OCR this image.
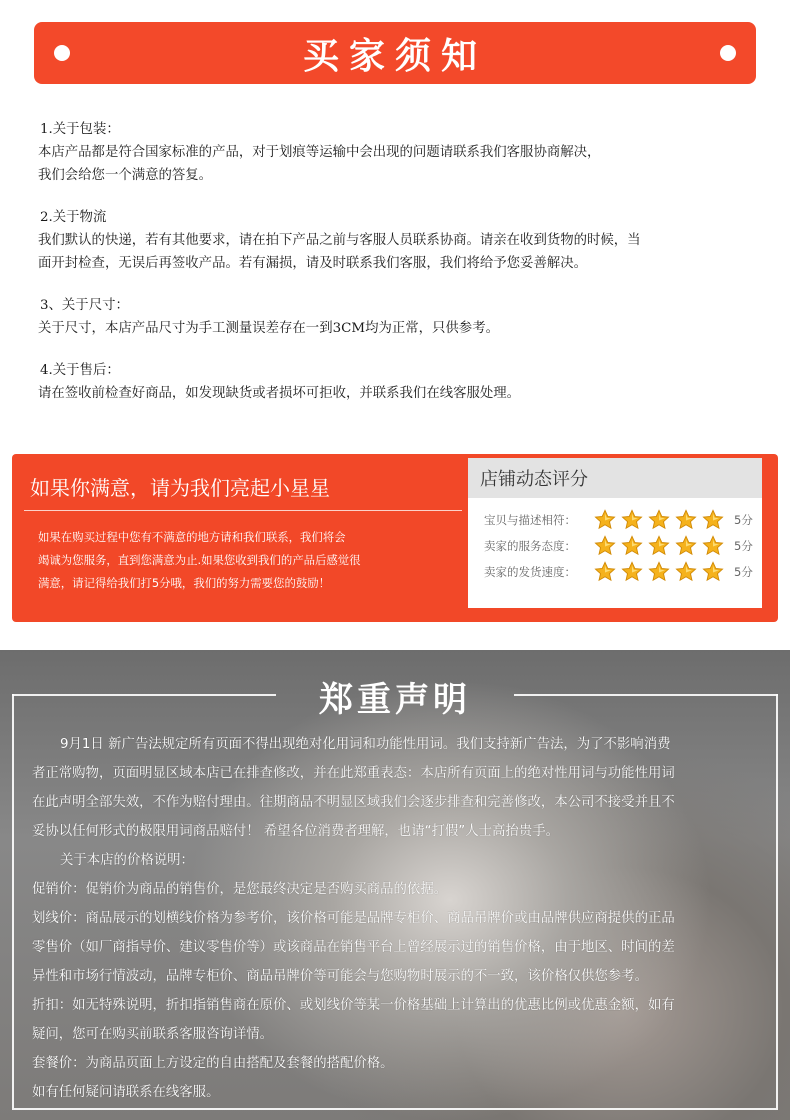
买家须知

1.关于包装：

本店产品都是符合国家标准的产品，对于划痕等运输中会出现的问题请联系我们客服协商解决，

我们会给您一个满意的答复。

2.关于物流

我们默认的快递，若有其他要求，请在拍下产品之前与客服人员联系协商。请亲在收到货物的时候，当

面开封检查，无误后再签收产品。若有漏损，请及时联系我们客服，我们将给予您妥善解决。

3、关于尺寸：

关于尺寸，本店产品尺寸为手工测量误差存在一到3CM均为正常，只供参考。

4.关于售后：

请在签收前检查好商品，如发现缺货或者损坏可拒收，并联系我们在线客服处理。

如果你满意，请为我们亮起小星星

如果在购买过程中您有不满意的地方请和我们联系，我们将会

竭诚为您服务，直到您满意为止.如果您收到我们的产品后感觉很

满意，请记得给我们打5分哦，我们的努力需要您的鼓励！

店铺动态评分
宝贝与描述相符：	5分
卖家的服务态度：	5分
卖家的发货速度：	5分
郑重声明

9月1日 新广告法规定所有页面不得出现绝对化用词和功能性用词。我们支持新广告法，为了不影响消费

者正常购物，页面明显区域本店已在排查修改，并在此郑重表态：本店所有页面上的绝对性用词与功能性用词

在此声明全部失效，不作为赔付理由。往期商品不明显区域我们会逐步排查和完善修改，本公司不接受并且不

妥协以任何形式的极限用词商品赔付！ 希望各位消费者理解，也请“打假”人士高抬贵手。

关于本店的价格说明：

促销价：促销价为商品的销售价，是您最终决定是否购买商品的依据。

划线价：商品展示的划横线价格为参考价，该价格可能是品牌专柜价、商品吊牌价或由品牌供应商提供的正品

零售价（如厂商指导价、建议零售价等）或该商品在销售平台上曾经展示过的销售价格，由于地区、时间的差

异性和市场行情波动，品牌专柜价、商品吊牌价等可能会与您购物时展示的不一致，该价格仅供您参考。

折扣：如无特殊说明，折扣指销售商在原价、或划线价等某一价格基础上计算出的优惠比例或优惠金额，如有

疑问，您可在购买前联系客服咨询详情。

套餐价：为商品页面上方设定的自由搭配及套餐的搭配价格。

如有任何疑问请联系在线客服。
